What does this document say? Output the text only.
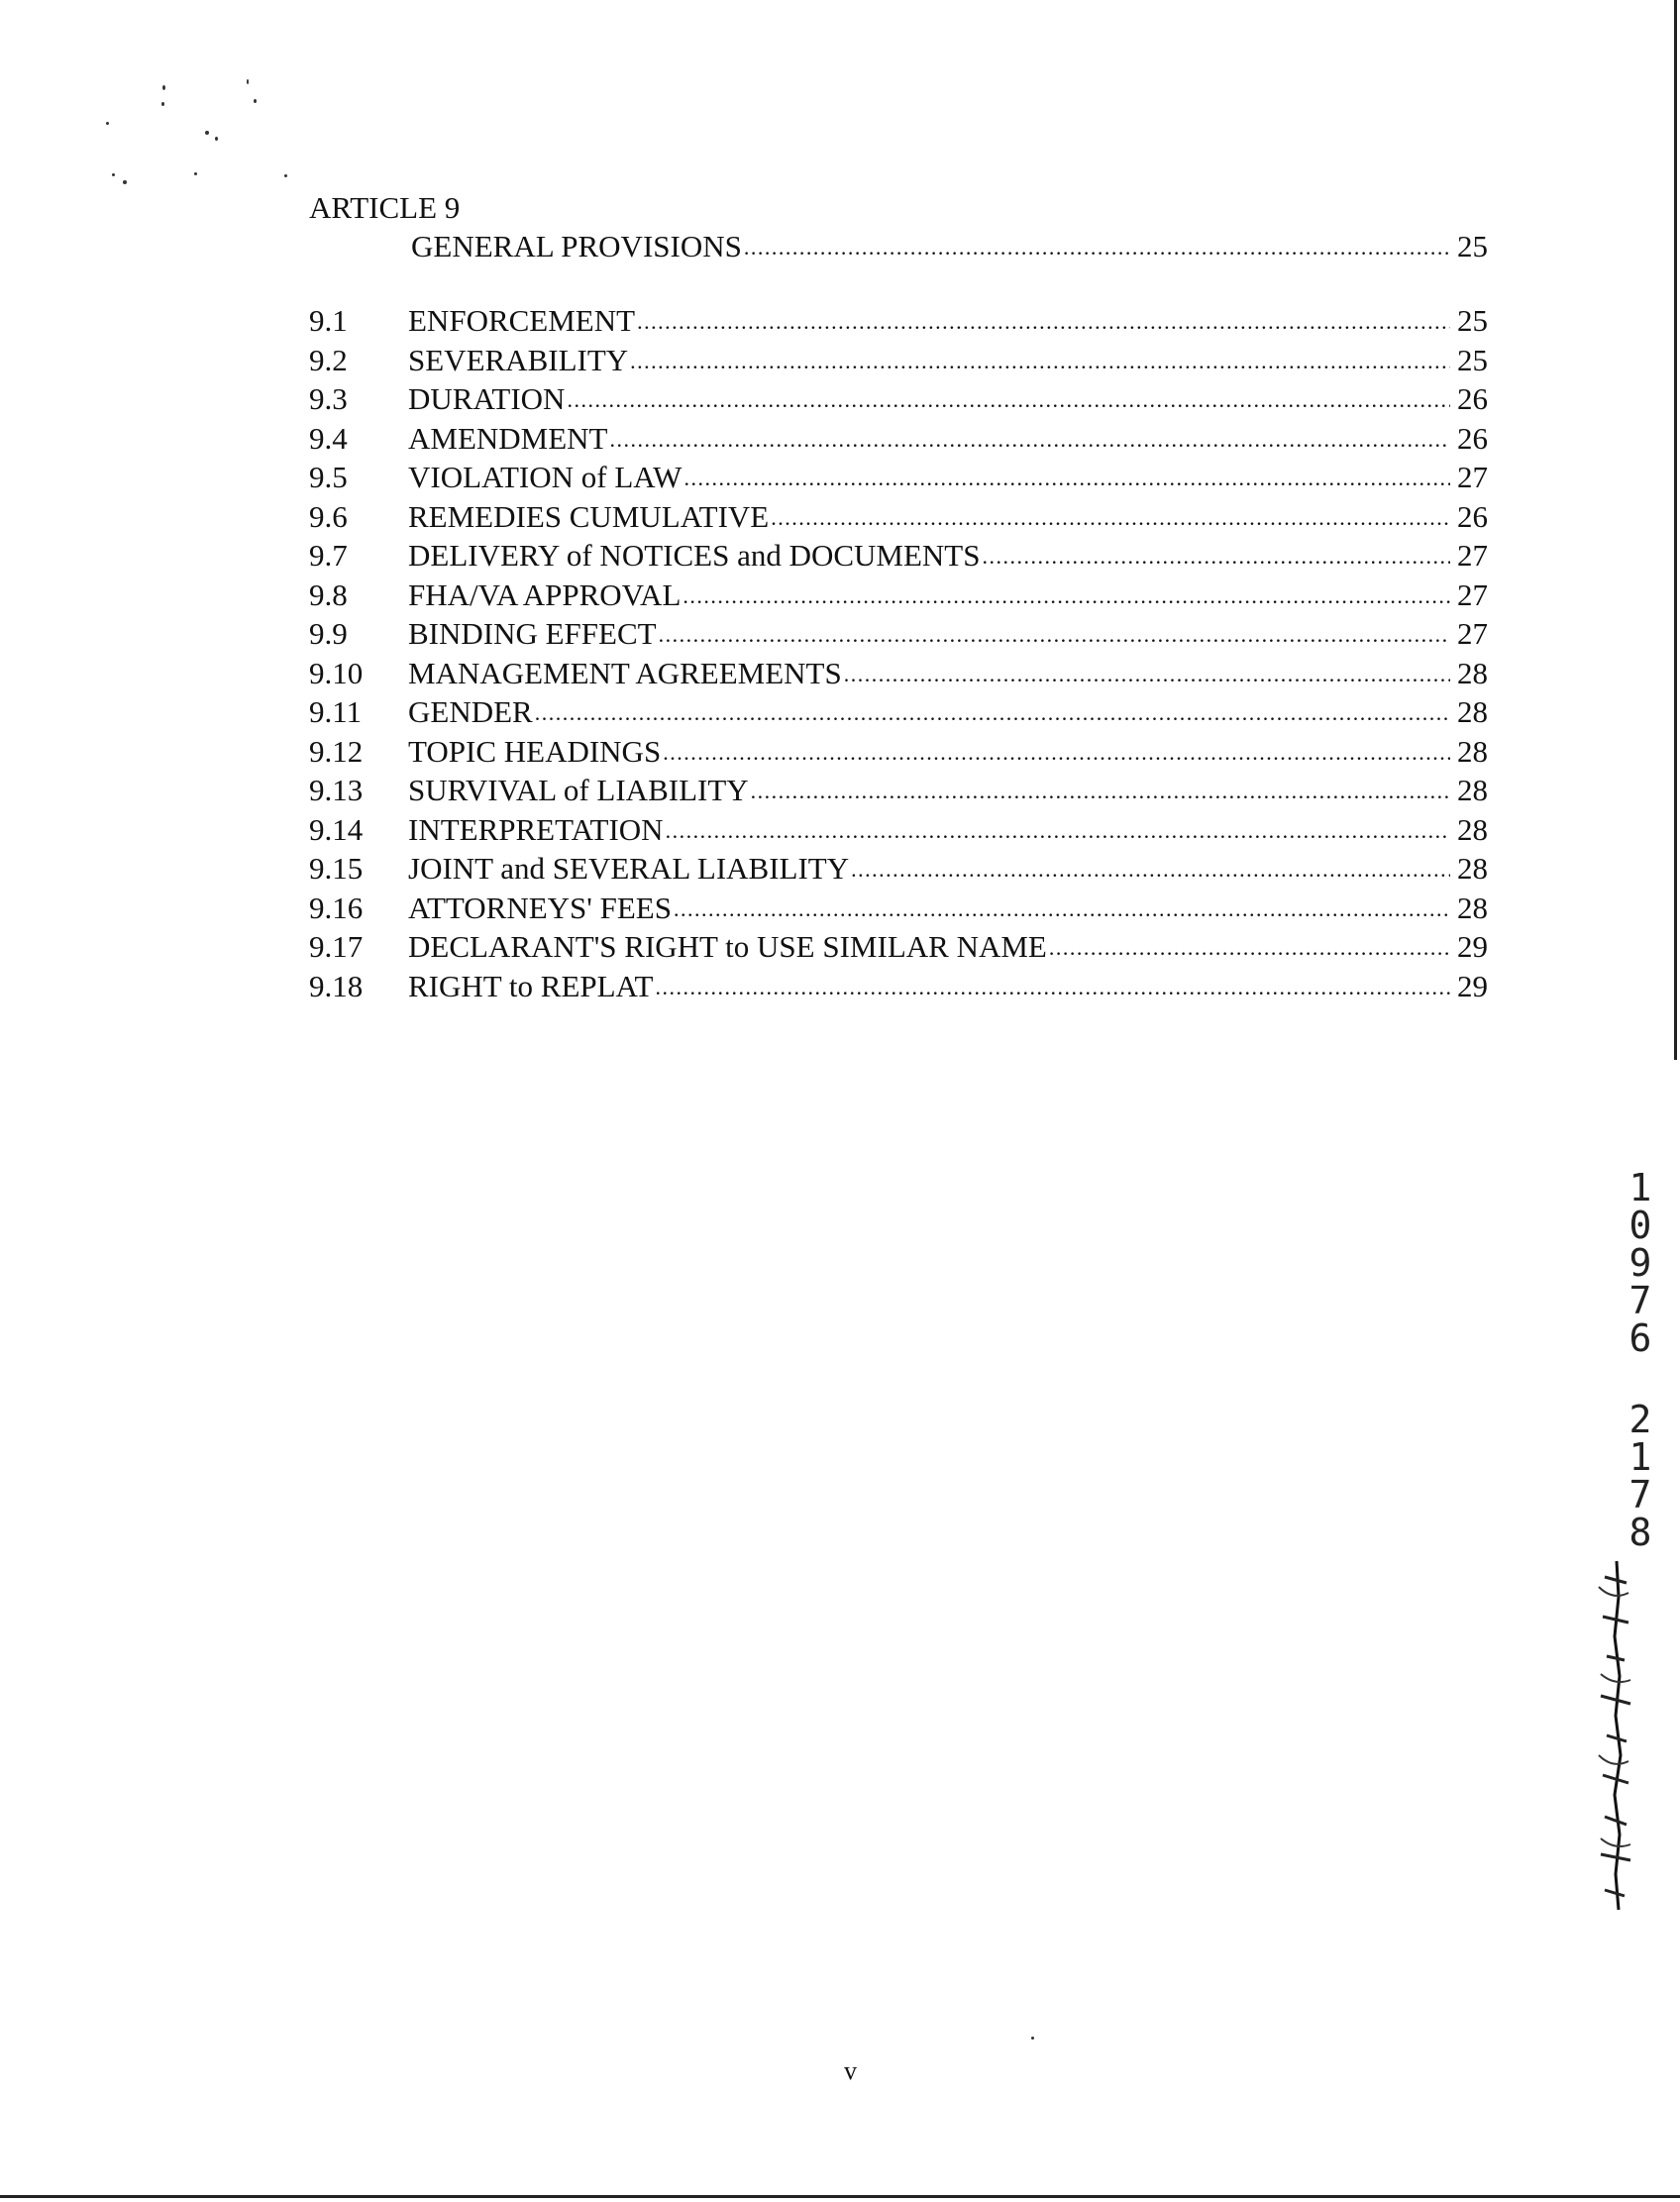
ARTICLE 9
GENERAL PROVISIONS .....	25
9.1	ENFORCEMENT .....	25
9.2	SEVERABILITY .....	25
9.3	DURATION .....	26
9.4	AMENDMENT .....	26
9.5	VIOLATION of LAW .....	27
9.6	REMEDIES CUMULATIVE .....	26
9.7	DELIVERY of NOTICES and DOCUMENTS .....	27
9.8	FHA/VA APPROVAL .....	27
9.9	BINDING EFFECT .....	27
9.10	MANAGEMENT AGREEMENTS .....	28
9.11	GENDER .....	28
9.12	TOPIC HEADINGS .....	28
9.13	SURVIVAL of LIABILITY .....	28
9.14	INTERPRETATION .....	28
9.15	JOINT and SEVERAL LIABILITY .....	28
9.16	ATTORNEYS' FEES .....	28
9.17	DECLARANT'S RIGHT to USE SIMILAR NAME .....	29
9.18	RIGHT to REPLAT .....	29
1
0
9
7
6
2
1
7
8
v
